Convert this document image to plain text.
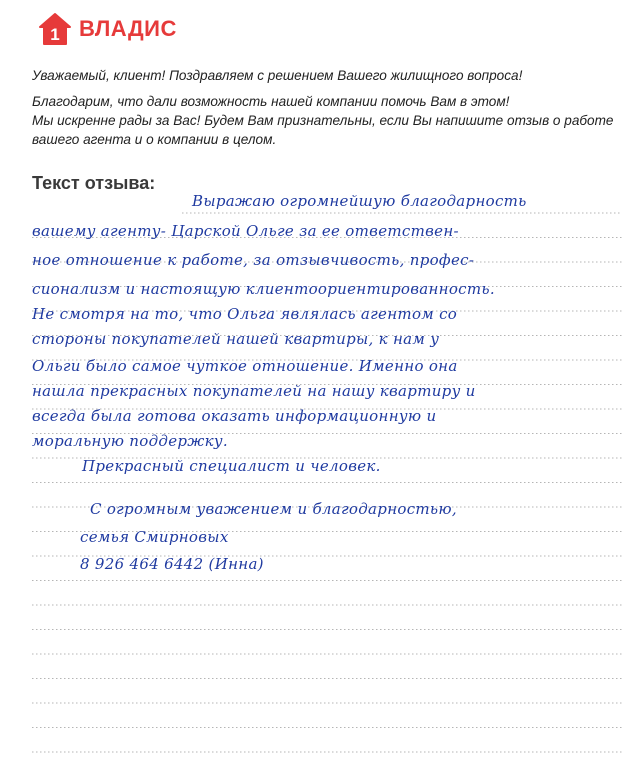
1 ВЛАДИС

Уважаемый, клиент! Поздравляем с решением Вашего жилищного вопроса!

Благодарим, что дали возможность нашей компании помочь Вам в этом!
Мы искренне рады за Вас! Будем Вам признательны, если Вы напишите отзыв о работе
вашего агента и о компании в целом.
Текст отзыва:
Выражаю огромнейшую благодарность
вашему агенту- Царской Ольге за ее ответствен-
ное отношение к работе, за отзывчивость, профес-
сионализм и настоящую клиентоориентированность.
Не смотря на то, что Ольга являлась агентом со
стороны покупателей нашей квартиры, к нам у
Ольги было самое чуткое отношение. Именно она
нашла прекрасных покупателей на нашу квартиру и
всегда была готова оказать информационную и
моральную поддержку.
Прекрасный специалист и человек.
С огромным уважением и благодарностью,
семья Смирновых
8 926 464 6442 (Инна)
